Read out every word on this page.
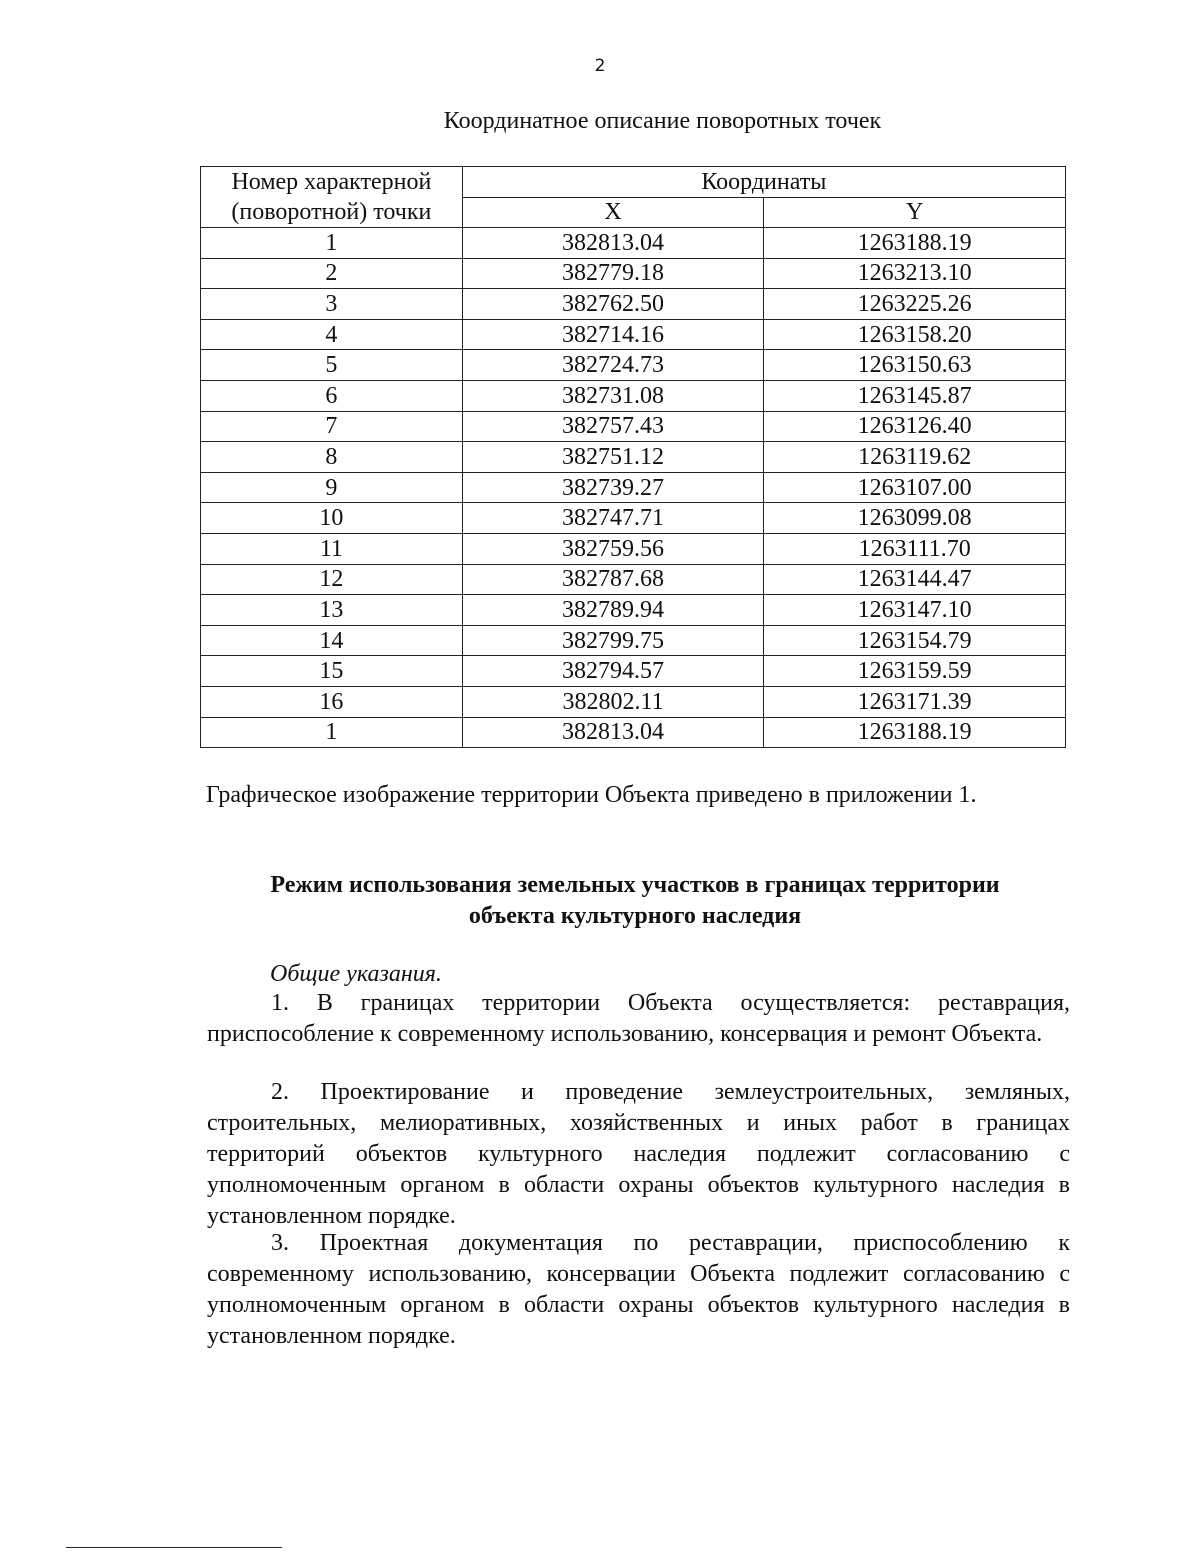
2
Координатное описание поворотных точек
Номер характерной (поворотной) точки	Координаты	
	X	Y
1	382813.04	1263188.19
2	382779.18	1263213.10
3	382762.50	1263225.26
4	382714.16	1263158.20
5	382724.73	1263150.63
6	382731.08	1263145.87
7	382757.43	1263126.40
8	382751.12	1263119.62
9	382739.27	1263107.00
10	382747.71	1263099.08
11	382759.56	1263111.70
12	382787.68	1263144.47
13	382789.94	1263147.10
14	382799.75	1263154.79
15	382794.57	1263159.59
16	382802.11	1263171.39
1	382813.04	1263188.19
Графическое изображение территории Объекта приведено в приложении 1.
Режим использования земельных участков в границах территории
объекта культурного наследия
Общие указания.
1. В границах территории Объекта осуществляется: реставрация, приспособление к современному использованию, консервация и ремонт Объекта.
2. Проектирование и проведение землеустроительных, земляных, строительных, мелиоративных, хозяйственных и иных работ в границах территорий объектов культурного наследия подлежит согласованию с уполномоченным органом в области охраны объектов культурного наследия в установленном порядке.
3. Проектная документация по реставрации, приспособлению к современному использованию, консервации Объекта подлежит согласованию с уполномоченным органом в области охраны объектов культурного наследия в установленном порядке.
